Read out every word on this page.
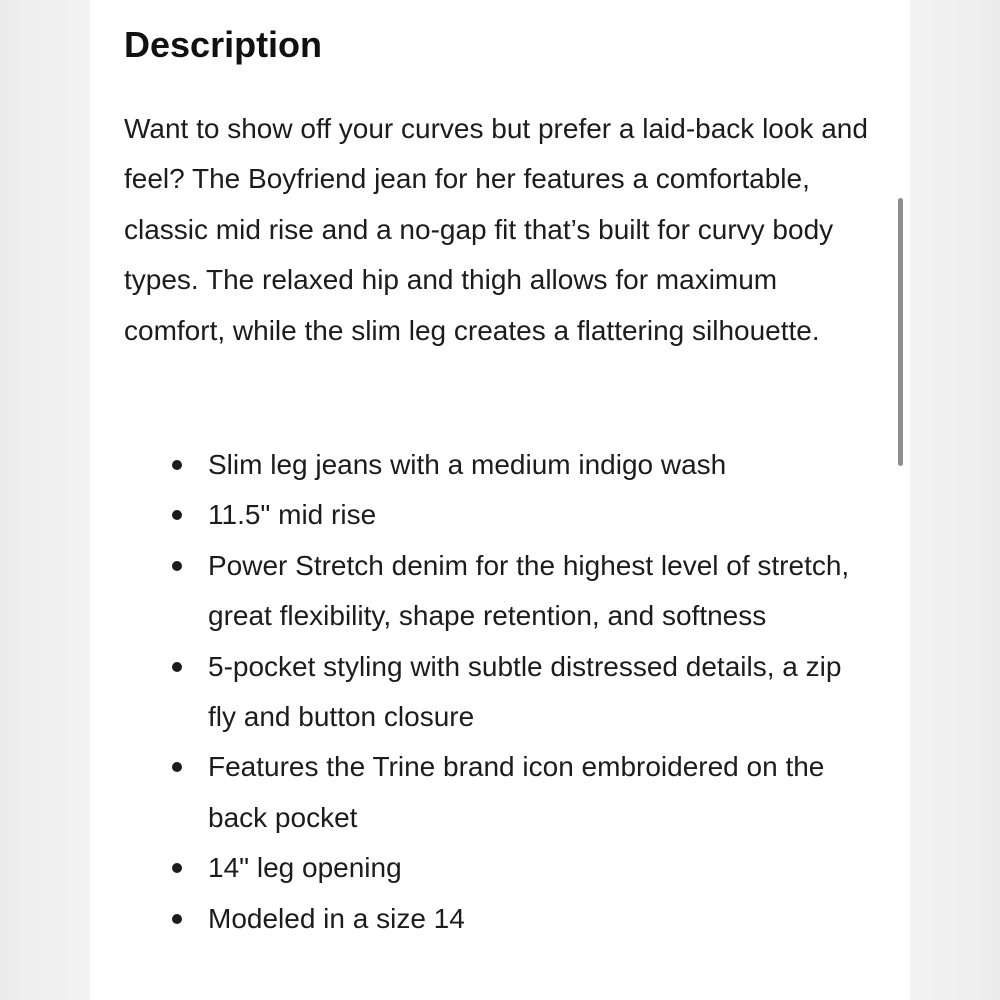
Description

Want to show off your curves but prefer a laid-back look and feel? The Boyfriend jean for her features a comfortable, classic mid rise and a no-gap fit that’s built for curvy body types. The relaxed hip and thigh allows for maximum comfort, while the slim leg creates a flattering silhouette.

Slim leg jeans with a medium indigo wash
11.5" mid rise
Power Stretch denim for the highest level of stretch, great flexibility, shape retention, and softness
5-pocket styling with subtle distressed details, a zip fly and button closure
Features the Trine brand icon embroidered on the back pocket
14" leg opening
Modeled in a size 14
